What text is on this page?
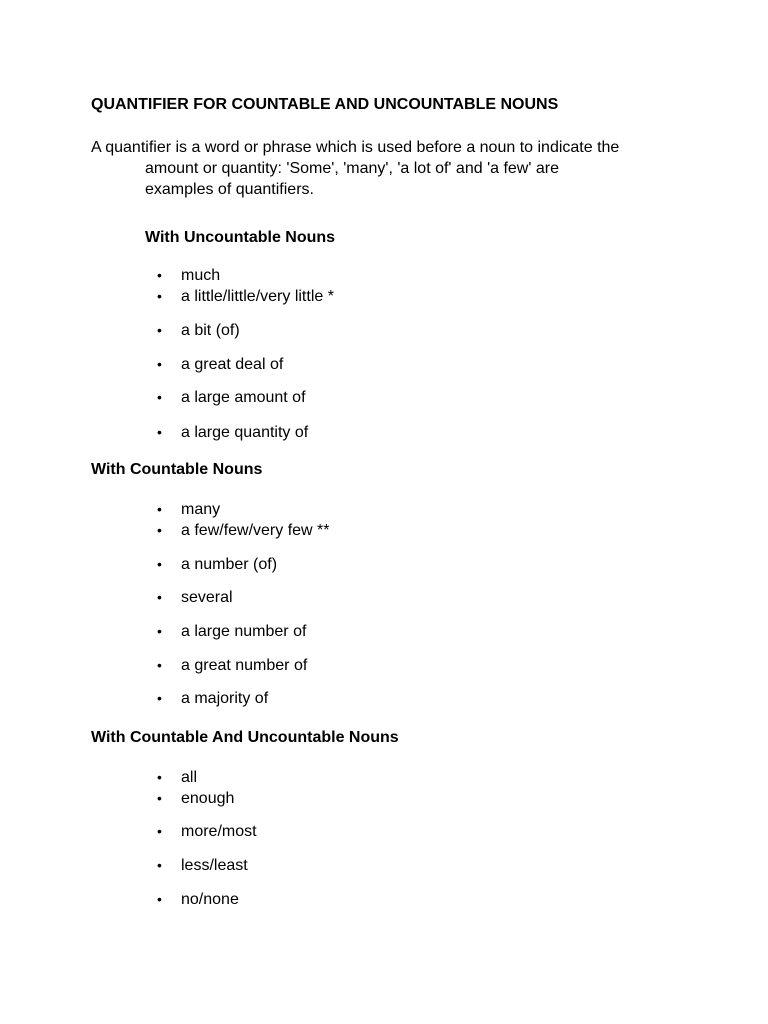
QUANTIFIER FOR COUNTABLE AND UNCOUNTABLE NOUNS
A quantifier is a word or phrase which is used before a noun to indicate the
amount or quantity: 'Some', 'many', 'a lot of' and 'a few' are
examples of quantifiers.
With Uncountable Nouns
• much
• a little/little/very little *
• a bit (of)
• a great deal of
• a large amount of
• a large quantity of
With Countable Nouns
• many
• a few/few/very few **
• a number (of)
• several
• a large number of
• a great number of
• a majority of
With Countable And Uncountable Nouns
• all
• enough
• more/most
• less/least
• no/none
